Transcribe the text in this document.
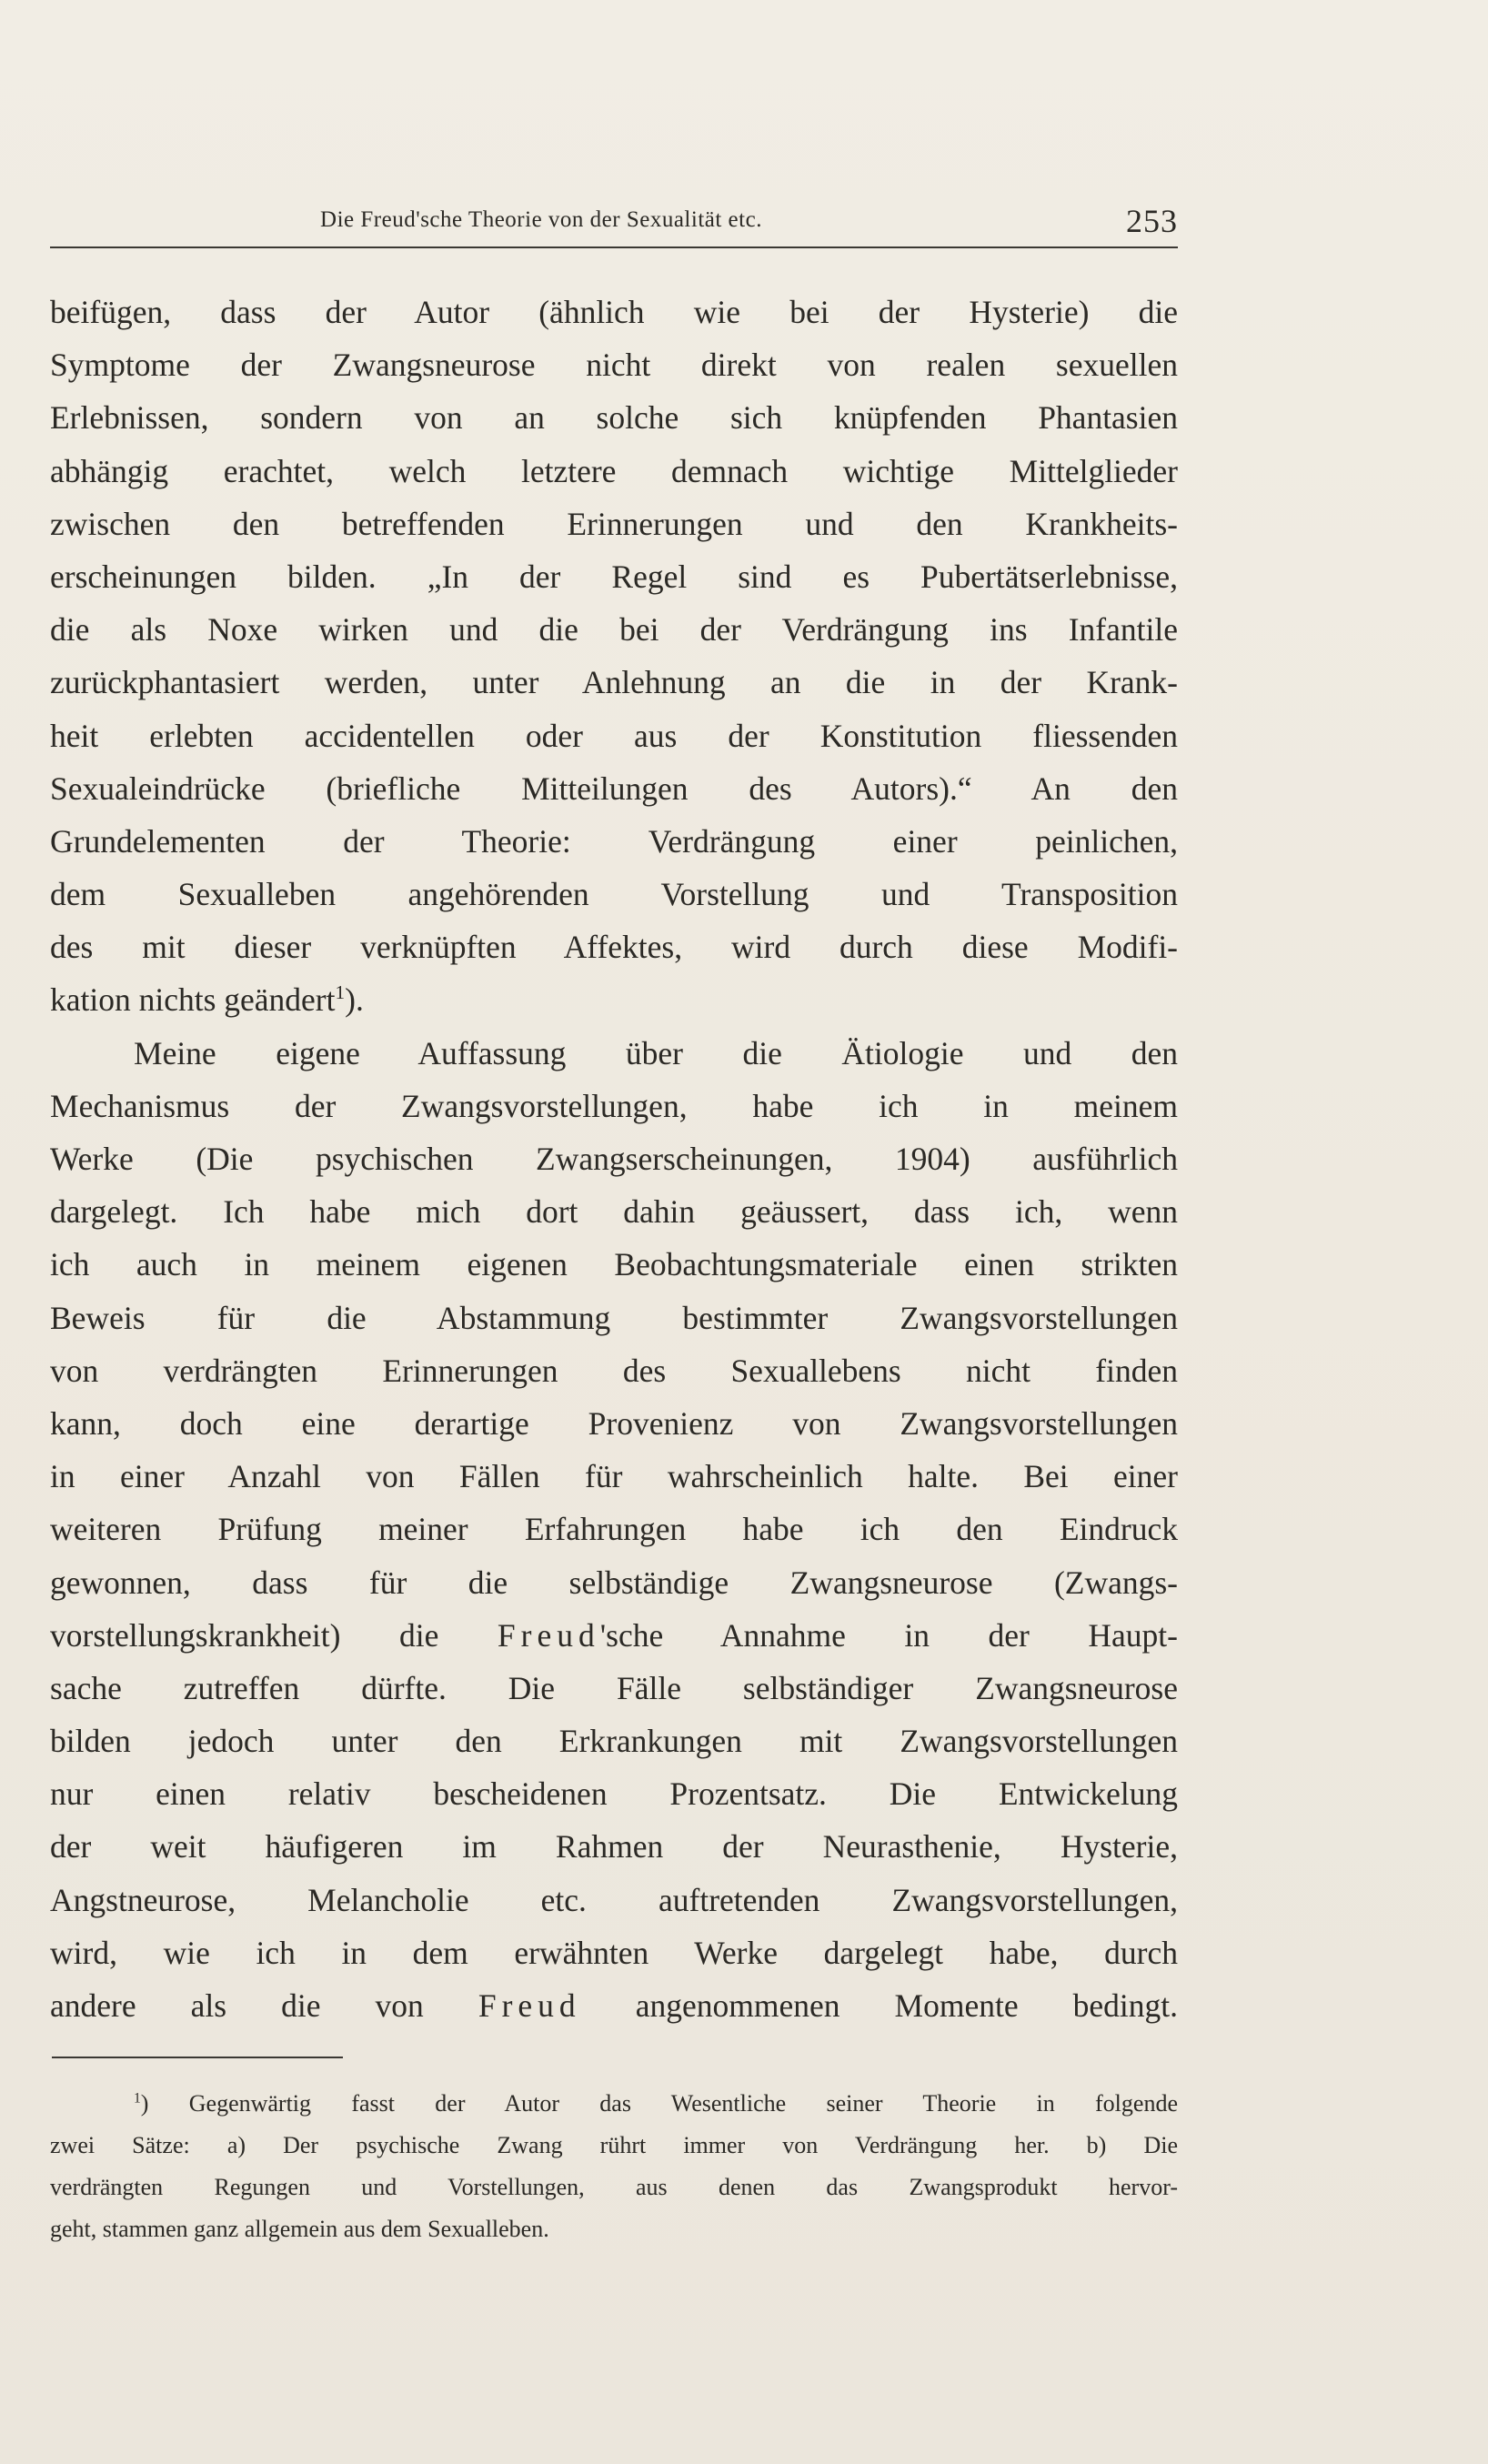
Die Freud'sche Theorie von der Sexualität etc.	253
beifügen, dass der Autor (ähnlich wie bei der Hysterie) die
Symptome der Zwangsneurose nicht direkt von realen sexuellen
Erlebnissen, sondern von an solche sich knüpfenden Phantasien
abhängig erachtet, welch letztere demnach wichtige Mittelglieder
zwischen den betreffenden Erinnerungen und den Krankheits-
erscheinungen bilden. „In der Regel sind es Pubertätserlebnisse,
die als Noxe wirken und die bei der Verdrängung ins Infantile
zurückphantasiert werden, unter Anlehnung an die in der Krank-
heit erlebten accidentellen oder aus der Konstitution fliessenden
Sexualeindrücke (briefliche Mitteilungen des Autors).“ An den
Grundelementen der Theorie: Verdrängung einer peinlichen,
dem Sexualleben angehörenden Vorstellung und Transposition
des mit dieser verknüpften Affektes, wird durch diese Modifi-
kation nichts geändert$^1$).
Meine eigene Auffassung über die Ätiologie und den
Mechanismus der Zwangsvorstellungen, habe ich in meinem
Werke (Die psychischen Zwangserscheinungen, 1904) ausführlich
dargelegt. Ich habe mich dort dahin geäussert, dass ich, wenn
ich auch in meinem eigenen Beobachtungsmateriale einen strikten
Beweis für die Abstammung bestimmter Zwangsvorstellungen
von verdrängten Erinnerungen des Sexuallebens nicht finden
kann, doch eine derartige Provenienz von Zwangsvorstellungen
in einer Anzahl von Fällen für wahrscheinlich halte. Bei einer
weiteren Prüfung meiner Erfahrungen habe ich den Eindruck
gewonnen, dass für die selbständige Zwangsneurose (Zwangs-
vorstellungskrankheit) die Freud'sche Annahme in der Haupt-
sache zutreffen dürfte. Die Fälle selbständiger Zwangsneurose
bilden jedoch unter den Erkrankungen mit Zwangsvorstellungen
nur einen relativ bescheidenen Prozentsatz. Die Entwickelung
der weit häufigeren im Rahmen der Neurasthenie, Hysterie,
Angstneurose, Melancholie etc. auftretenden Zwangsvorstellungen,
wird, wie ich in dem erwähnten Werke dargelegt habe, durch
andere als die von Freud angenommenen Momente bedingt.
$^1$) Gegenwärtig fasst der Autor das Wesentliche seiner Theorie in folgende
zwei Sätze: a) Der psychische Zwang rührt immer von Verdrängung her. b) Die
verdrängten Regungen und Vorstellungen, aus denen das Zwangsprodukt hervor-
geht, stammen ganz allgemein aus dem Sexualleben.
